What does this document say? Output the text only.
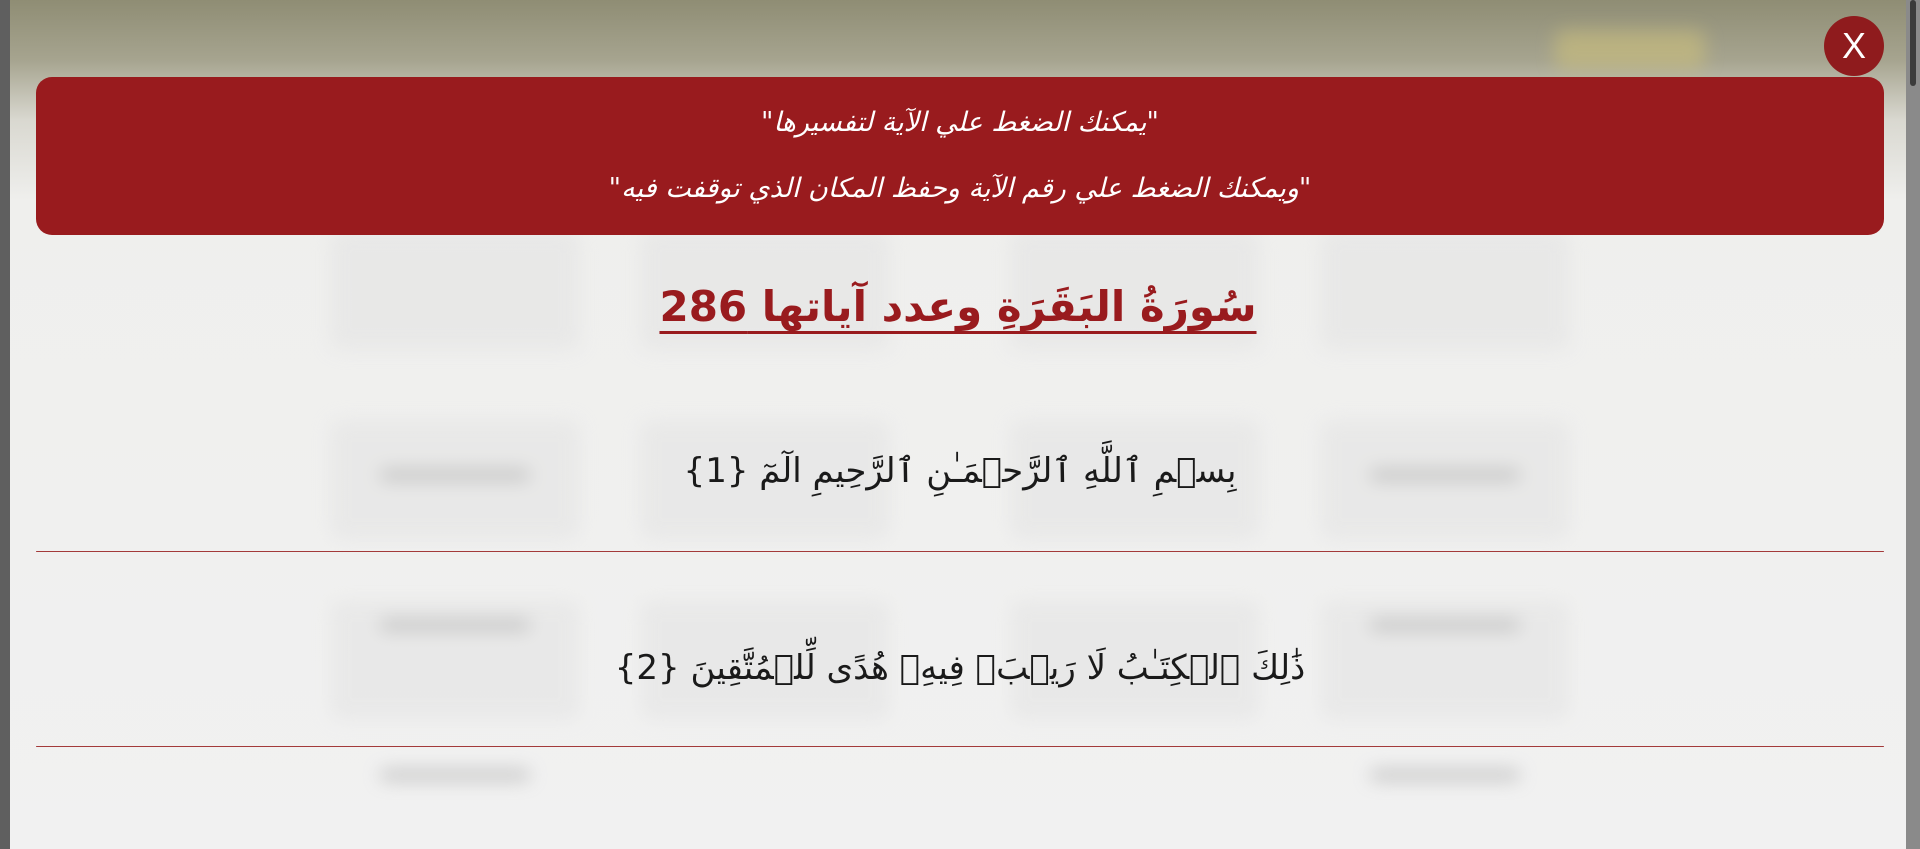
X
"يمكنك الضغط علي الآية لتفسيرها"
"ويمكنك الضغط علي رقم الآية وحفظ المكان الذي توقفت فيه"
سُورَةُ البَقَرَةِ وعدد آياتها 286
بِسۡمِ ٱللَّهِ ٱلرَّحۡمَـٰنِ ٱلرَّحِيمِ الٓمٓ {1}
ذَٰلِكَ ٱلۡكِتَـٰبُ لَا رَيۡبَۛ فِيهِۛ هُدًى لِّلۡمُتَّقِينَ {2}
